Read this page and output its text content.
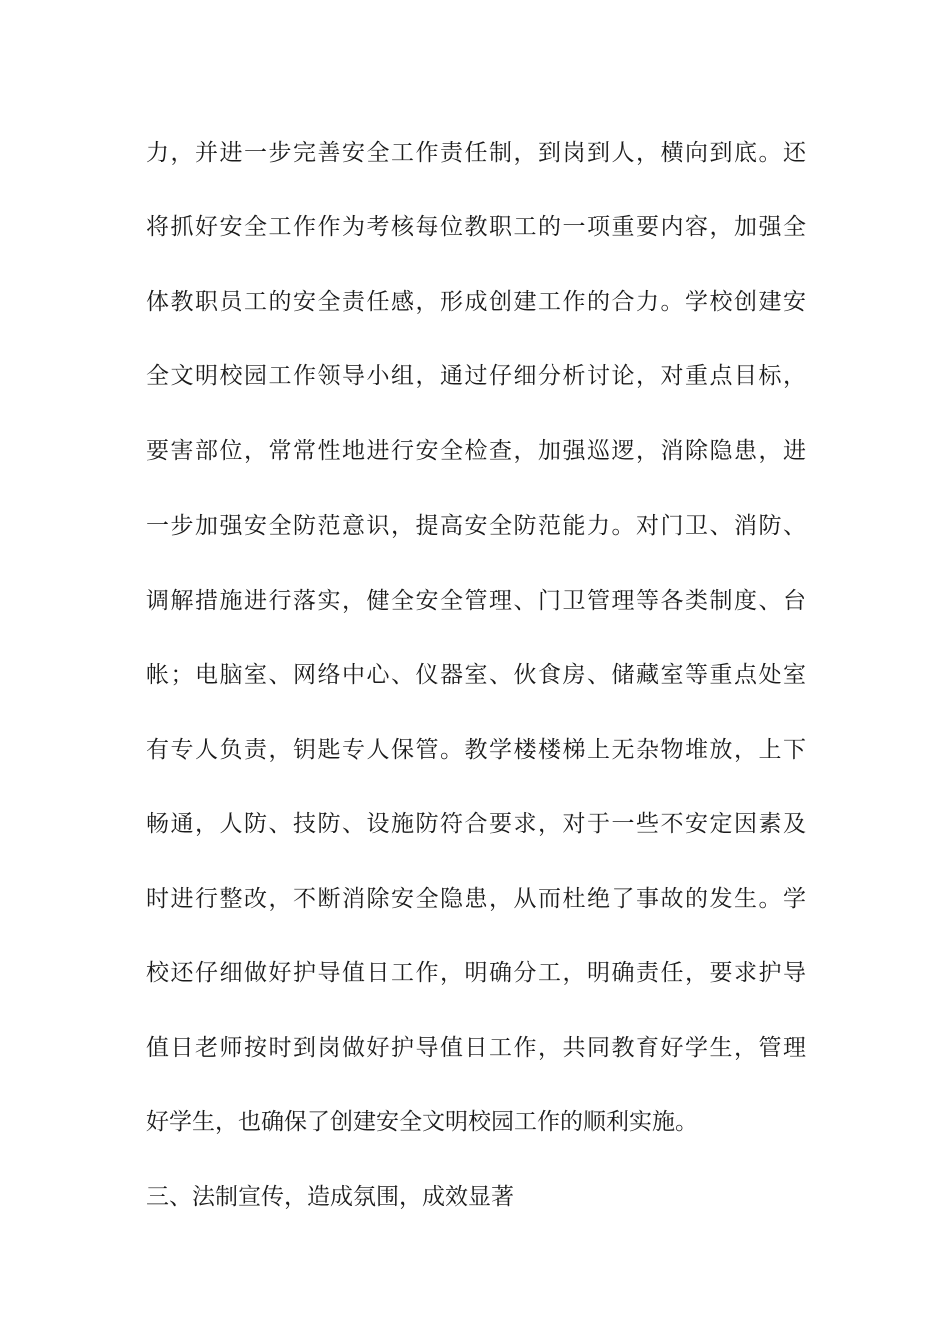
力，并进一步完善安全工作责任制，到岗到人，横向到底。还
将抓好安全工作作为考核每位教职工的一项重要内容，加强全
体教职员工的安全责任感，形成创建工作的合力。学校创建安
全文明校园工作领导小组，通过仔细分析讨论，对重点目标，
要害部位，常常性地进行安全检查，加强巡逻，消除隐患，进
一步加强安全防范意识，提高安全防范能力。对门卫、消防、
调解措施进行落实，健全安全管理、门卫管理等各类制度、台
帐；电脑室、网络中心、仪器室、伙食房、储藏室等重点处室
有专人负责，钥匙专人保管。教学楼楼梯上无杂物堆放，上下
畅通，人防、技防、设施防符合要求，对于一些不安定因素及
时进行整改，不断消除安全隐患，从而杜绝了事故的发生。学
校还仔细做好护导值日工作，明确分工，明确责任，要求护导
值日老师按时到岗做好护导值日工作，共同教育好学生，管理
好学生，也确保了创建安全文明校园工作的顺利实施。
三、法制宣传，造成氛围，成效显著
